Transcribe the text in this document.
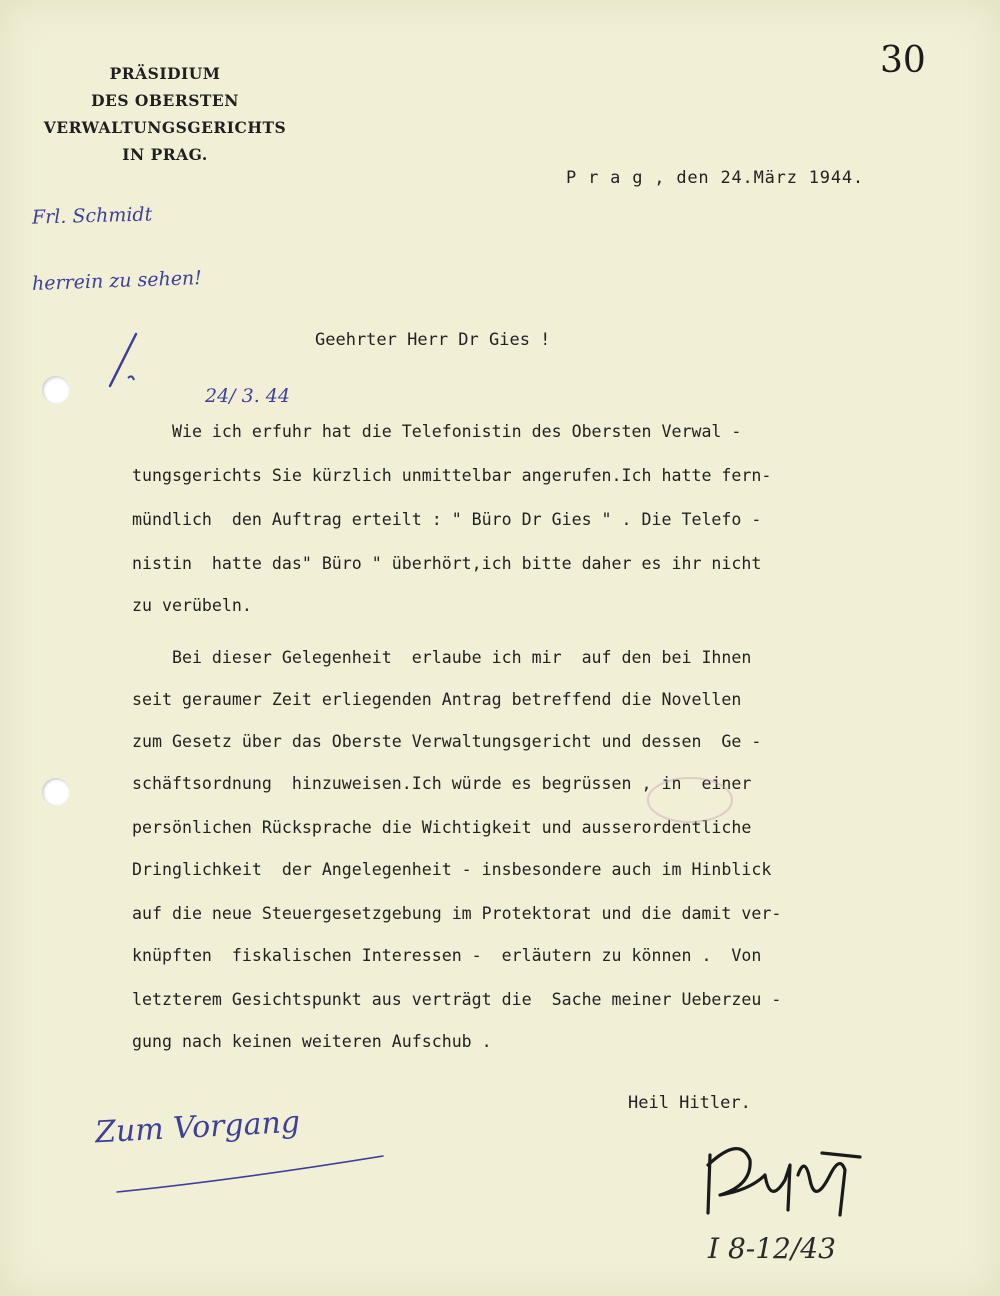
PRÄSIDIUM
DES OBERSTEN
VERWALTUNGSGERICHTS
IN PRAG.
30
P r a g , den 24.März 1944.
Frl. Schmidt
herrein zu sehen!
Geehrter Herr Dr Gies !
24/ 3. 44
Wie ich erfuhr hat die Telefonistin des Obersten Verwal -
tungsgerichts Sie kürzlich unmittelbar angerufen.Ich hatte fern-
mündlich  den Auftrag erteilt : " Büro Dr Gies " . Die Telefo -
nistin  hatte das" Büro " überhört,ich bitte daher es ihr nicht
zu verübeln.
Bei dieser Gelegenheit  erlaube ich mir  auf den bei Ihnen
seit geraumer Zeit erliegenden Antrag betreffend die Novellen
zum Gesetz über das Oberste Verwaltungsgericht und dessen  Ge -
schäftsordnung  hinzuweisen.Ich würde es begrüssen , in  einer
persönlichen Rücksprache die Wichtigkeit und ausserordentliche
Dringlichkeit  der Angelegenheit - insbesondere auch im Hinblick
auf die neue Steuergesetzgebung im Protektorat und die damit ver-
knüpften  fiskalischen Interessen -  erläutern zu können .  Von
letzterem Gesichtspunkt aus verträgt die  Sache meiner Ueberzeu -
gung nach keinen weiteren Aufschub .
Heil Hitler.
Zum Vorgang
I 8-12/43
